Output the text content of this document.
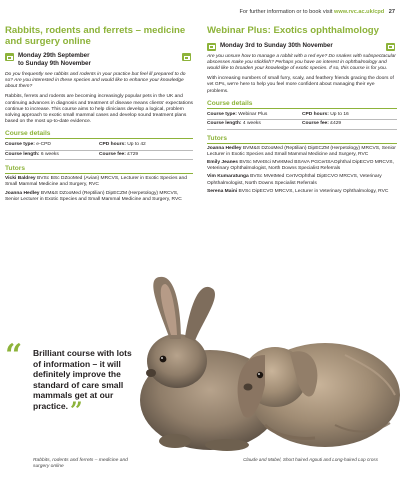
For further information or to book visit www.rvc.ac.uk/cpd 27
Rabbits, rodents and ferrets – medicine
and surgery online
Monday 29th September
to Sunday 9th November
Do you frequently see rabbits and rodents in your practice but feel ill prepared to do so? Are you interested in these species and would like to enhance your knowledge about them?

Rabbits, ferrets and rodents are becoming increasingly popular pets in the UK and continuing advances in diagnosis and treatment of disease means clients' expectations continue to increase. This course aims to help clinicians develop a logical, problem solving approach to exotic small mammal cases and develop sound treatment plans based on the most up-to-date evidence.

Course details
Course type: e-CPD	CPD hours: Up to 42
Course length: 6 weeks	Course fee: £729
Tutors
Vicki Baldrey BVSc BSc DZooMed (Avian) MRCVS, Lecturer in Exotic Species and Small Mammal Medicine and Surgery, RVC
Joanna Hedley BVM&S DZooMed (Reptilian) DipECZM (Herpetology) MRCVS, Senior Lecturer in Exotic Species and Small Mammal Medicine and Surgery, RVC
Webinar Plus: Exotics ophthalmology
Monday 3rd to Sunday 30th November
Are you unsure how to manage a rabbit with a red eye? Do snakes with subspectacular abscesses make you sticklish? Perhaps you have an interest in ophthalmology and would like to broaden your knowledge of exotic species. If so, this course is for you.

With increasing numbers of small furry, scaly, and feathery friends gracing the doors of vet GPs, we're here to help you feel more confident about managing their eye problems.

Course details
Course type: Webinar Plus	CPD hours: Up to 16
Course length: 4 weeks	Course fee: £429
Tutors
Joanna Hedley BVM&S DZooMed (Reptilian) DipECZM (Herpetology) MRCVS, Senior Lecturer in Exotic Species and Small Mammal Medicine and Surgery, RVC
Emily Jeanes BVSc MVetSci MVetMed BSAVA PGCertSAOphthal DipECVO MRCVS, Veterinary Ophthalmologist, North Downs Specialist Referrals
Vim Kumaratunga BVSc MVetMed CertVOphthal DipECVO MRCVS, Veterinary Ophthalmologist, North Downs Specialist Referrals
Serena Maini BVSc DipECVO MRCVS, Lecturer in Veterinary Ophthalmology, RVC
“ Brilliant course with lots of information – it will definitely improve the standard of care small mammals get at our practice.”
Rabbits, rodents and ferrets – medicine and surgery online
Claude and Mabel, Short haired Agouti and Long-haired Lop cross
